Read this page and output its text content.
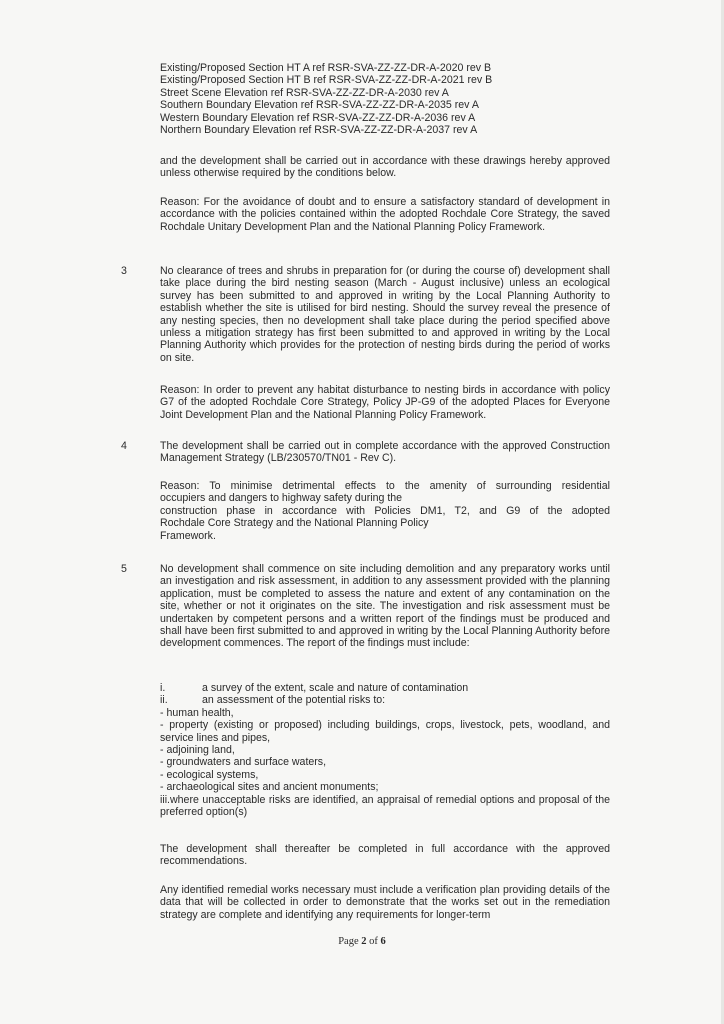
Existing/Proposed Section HT A ref RSR-SVA-ZZ-ZZ-DR-A-2020 rev B
Existing/Proposed Section HT B ref RSR-SVA-ZZ-ZZ-DR-A-2021 rev B
Street Scene Elevation ref RSR-SVA-ZZ-ZZ-DR-A-2030 rev A
Southern Boundary Elevation ref RSR-SVA-ZZ-ZZ-DR-A-2035 rev A
Western Boundary Elevation ref RSR-SVA-ZZ-ZZ-DR-A-2036 rev A
Northern Boundary Elevation ref RSR-SVA-ZZ-ZZ-DR-A-2037 rev A

and the development shall be carried out in accordance with these drawings hereby approved unless otherwise required by the conditions below.

Reason: For the avoidance of doubt and to ensure a satisfactory standard of development in accordance with the policies contained within the adopted Rochdale Core Strategy, the saved Rochdale Unitary Development Plan and the National Planning Policy Framework.

3	No clearance of trees and shrubs in preparation for (or during the course of) development shall take place during the bird nesting season (March - August inclusive) unless an ecological survey has been submitted to and approved in writing by the Local Planning Authority to establish whether the site is utilised for bird nesting. Should the survey reveal the presence of any nesting species, then no development shall take place during the period specified above unless a mitigation strategy has first been submitted to and approved in writing by the Local Planning Authority which provides for the protection of nesting birds during the period of works on site.

Reason: In order to prevent any habitat disturbance to nesting birds in accordance with policy G7 of the adopted Rochdale Core Strategy, Policy JP-G9 of the adopted Places for Everyone Joint Development Plan and the National Planning Policy Framework.

4	The development shall be carried out in complete accordance with the approved Construction Management Strategy (LB/230570/TN01 - Rev C).

Reason: To minimise detrimental effects to the amenity of surrounding residential
occupiers and dangers to highway safety during the
construction phase in accordance with Policies DM1, T2, and G9 of the adopted
Rochdale Core Strategy and the National Planning Policy
Framework.
5	No development shall commence on site including demolition and any preparatory works until an investigation and risk assessment, in addition to any assessment provided with the planning application, must be completed to assess the nature and extent of any contamination on the site, whether or not it originates on the site. The investigation and risk assessment must be undertaken by competent persons and a written report of the findings must be produced and shall have been first submitted to and approved in writing by the Local Planning Authority before development commences. The report of the findings must include:

i.	a survey of the extent, scale and nature of contamination
ii.	an assessment of the potential risks to:
- human health,
- property (existing or proposed) including buildings, crops, livestock, pets, woodland, and service lines and pipes,
- adjoining land,
- groundwaters and surface waters,
- ecological systems,
- archaeological sites and ancient monuments;
iii.where unacceptable risks are identified, an appraisal of remedial options and proposal of the preferred option(s)

The development shall thereafter be completed in full accordance with the approved recommendations.

Any identified remedial works necessary must include a verification plan providing details of the data that will be collected in order to demonstrate that the works set out in the remediation strategy are complete and identifying any requirements for longer-term

Page 2 of 6
